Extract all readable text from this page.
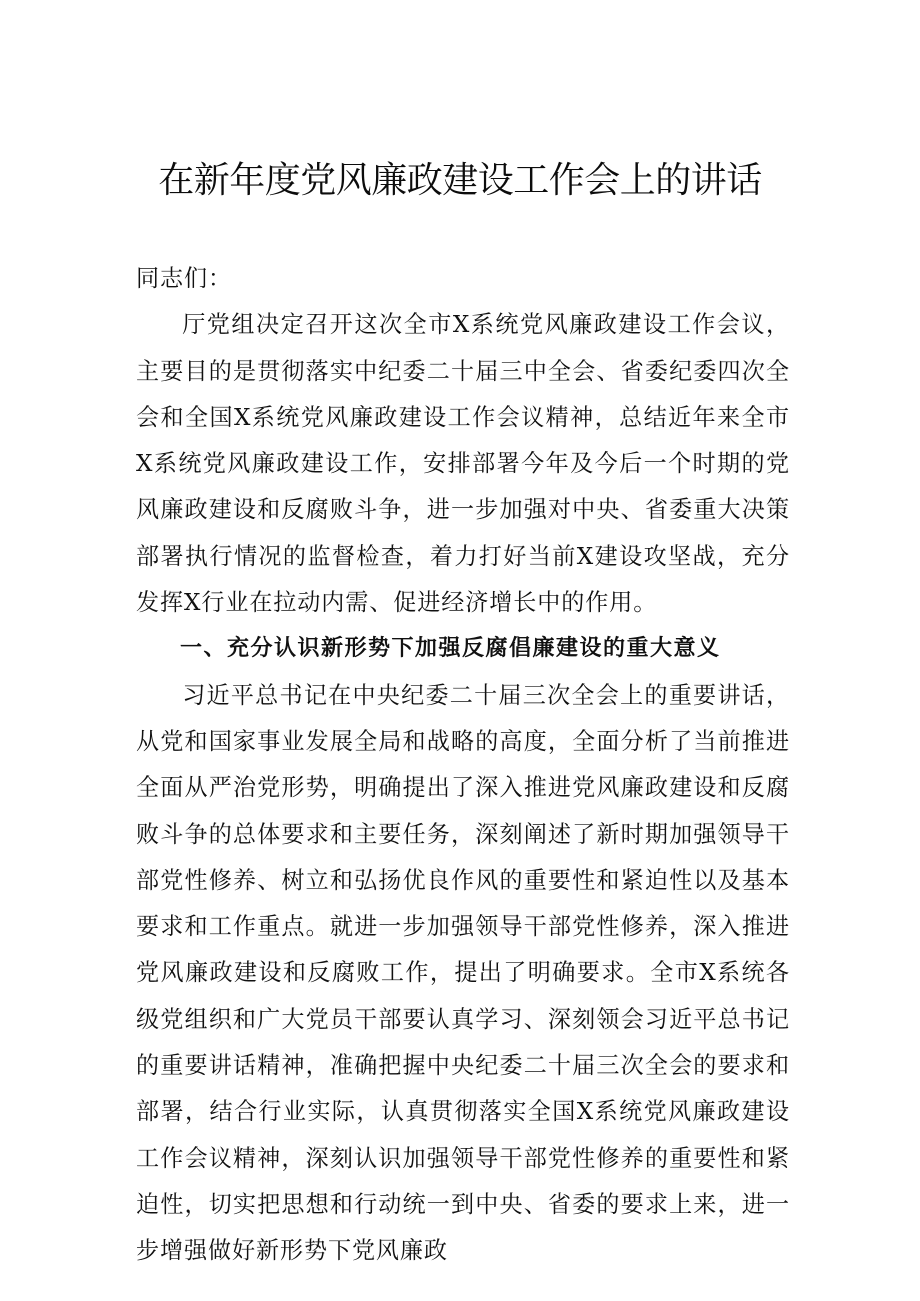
在新年度党风廉政建设工作会上的讲话

同志们：

厅党组决定召开这次全市X系统党风廉政建设工作会议，主要目的是贯彻落实中纪委二十届三中全会、省委纪委四次全会和全国X系统党风廉政建设工作会议精神，总结近年来全市X系统党风廉政建设工作，安排部署今年及今后一个时期的党风廉政建设和反腐败斗争，进一步加强对中央、省委重大决策部署执行情况的监督检查，着力打好当前X建设攻坚战，充分发挥X行业在拉动内需、促进经济增长中的作用。

一、充分认识新形势下加强反腐倡廉建设的重大意义

习近平总书记在中央纪委二十届三次全会上的重要讲话，从党和国家事业发展全局和战略的高度，全面分析了当前推进全面从严治党形势，明确提出了深入推进党风廉政建设和反腐败斗争的总体要求和主要任务，深刻阐述了新时期加强领导干部党性修养、树立和弘扬优良作风的重要性和紧迫性以及基本要求和工作重点。就进一步加强领导干部党性修养，深入推进党风廉政建设和反腐败工作，提出了明确要求。全市X系统各级党组织和广大党员干部要认真学习、深刻领会习近平总书记的重要讲话精神，准确把握中央纪委二十届三次全会的要求和部署，结合行业实际，认真贯彻落实全国X系统党风廉政建设工作会议精神，深刻认识加强领导干部党性修养的重要性和紧迫性，切实把思想和行动统一到中央、省委的要求上来，进一步增强做好新形势下党风廉政
